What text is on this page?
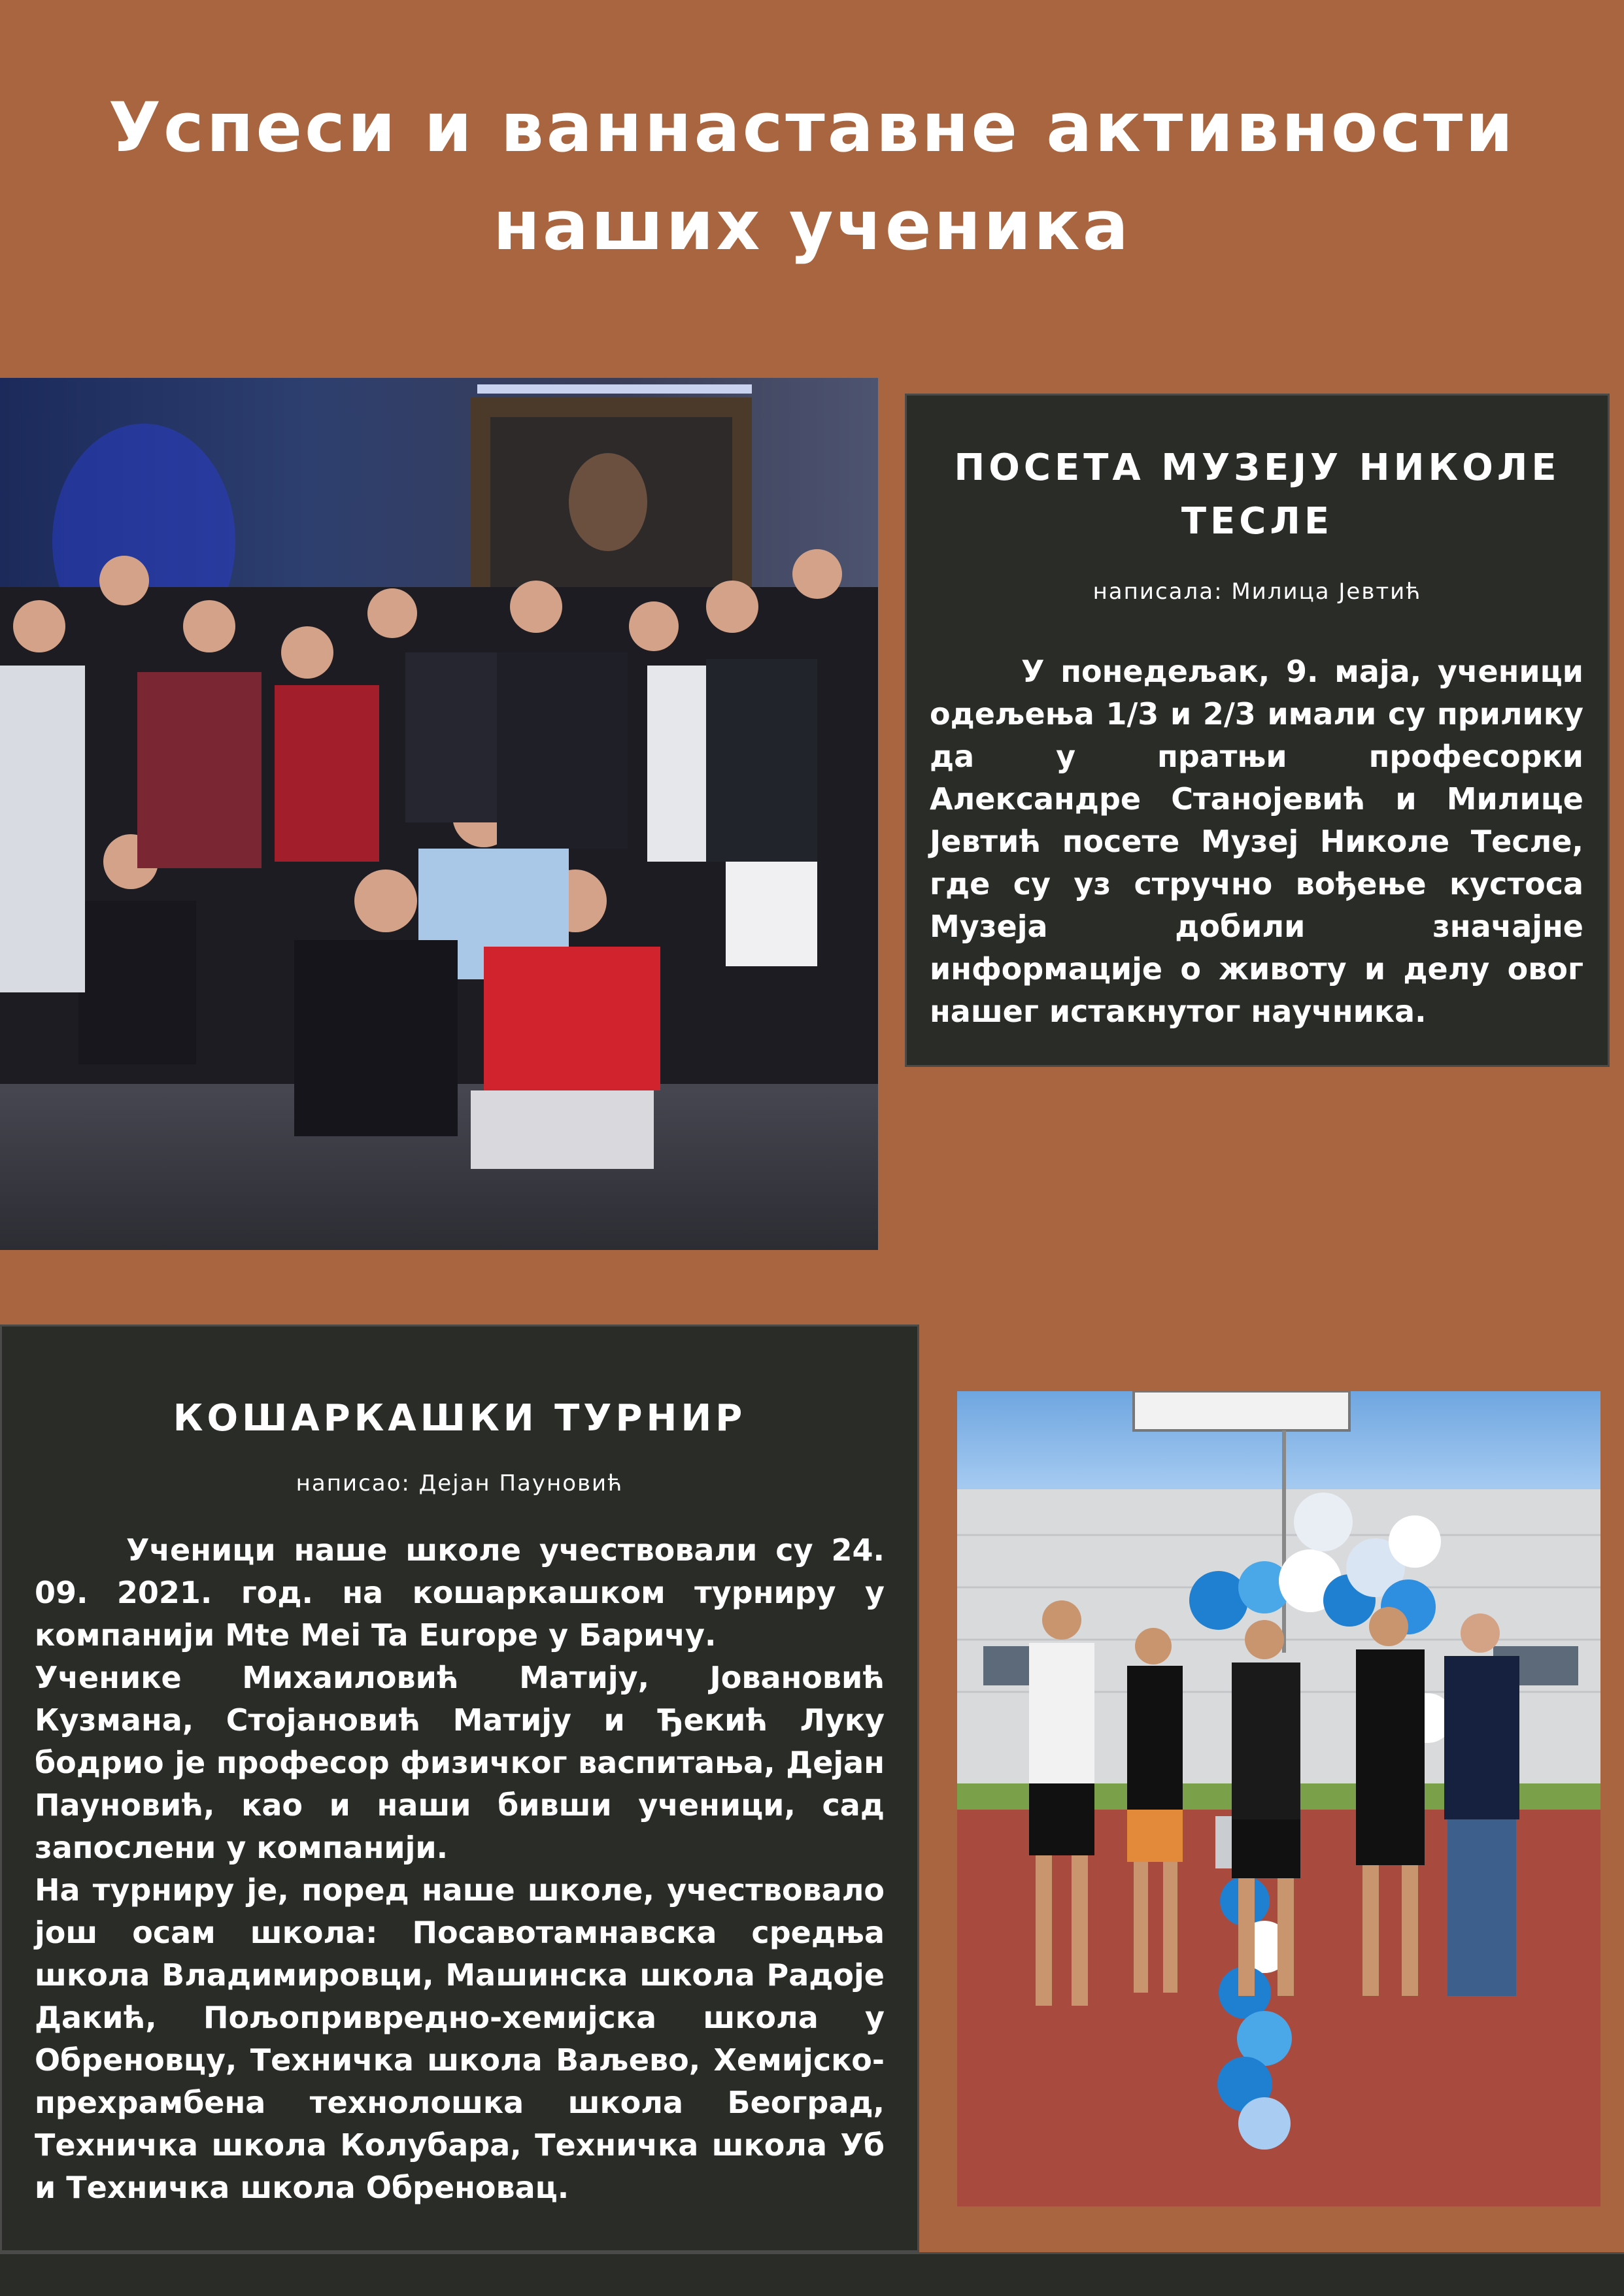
Успеси и ваннаставне активности
наших ученика
ПОСЕТА МУЗЕЈУ НИКОЛЕ
ТЕСЛЕ
написала: Милица Јевтић

У понедељак, 9. маја, ученици одељења 1/3 и 2/3 имали су прилику да у пратњи професорки Александре Станојевић и Милице Јевтић посете Музеј Николе Тесле, где су уз стручно вођење кустоса Музеја добили значајне информације о животу и делу овог нашег истакнутог научника.

КОШАРКАШКИ ТУРНИР
написао: Дејан Пауновић

Ученици наше школе учествовали су 24. 09. 2021. год. на кошаркашком турниру у компанији Mte Mei Ta Europe у Баричу.

Ученике Михаиловић Матију, Јовановић Кузмана, Стојановић Матију и Ђекић Луку бодрио је професор физичког васпитања, Дејан Пауновић, као и наши бивши ученици, сад запослени у компанији.

На турниру је, поред наше школе, учествовало још осам школа: Посавотамнавска средња школа Владимировци, Машинска школа Радоје Дакић, Пољопривредно-хемијска школа у Обреновцу, Техничка школа Ваљево, Хемијско-прехрамбена технолошка школа Београд, Техничка школа Колубара, Техничка школа Уб и Техничка школа Обреновац.
